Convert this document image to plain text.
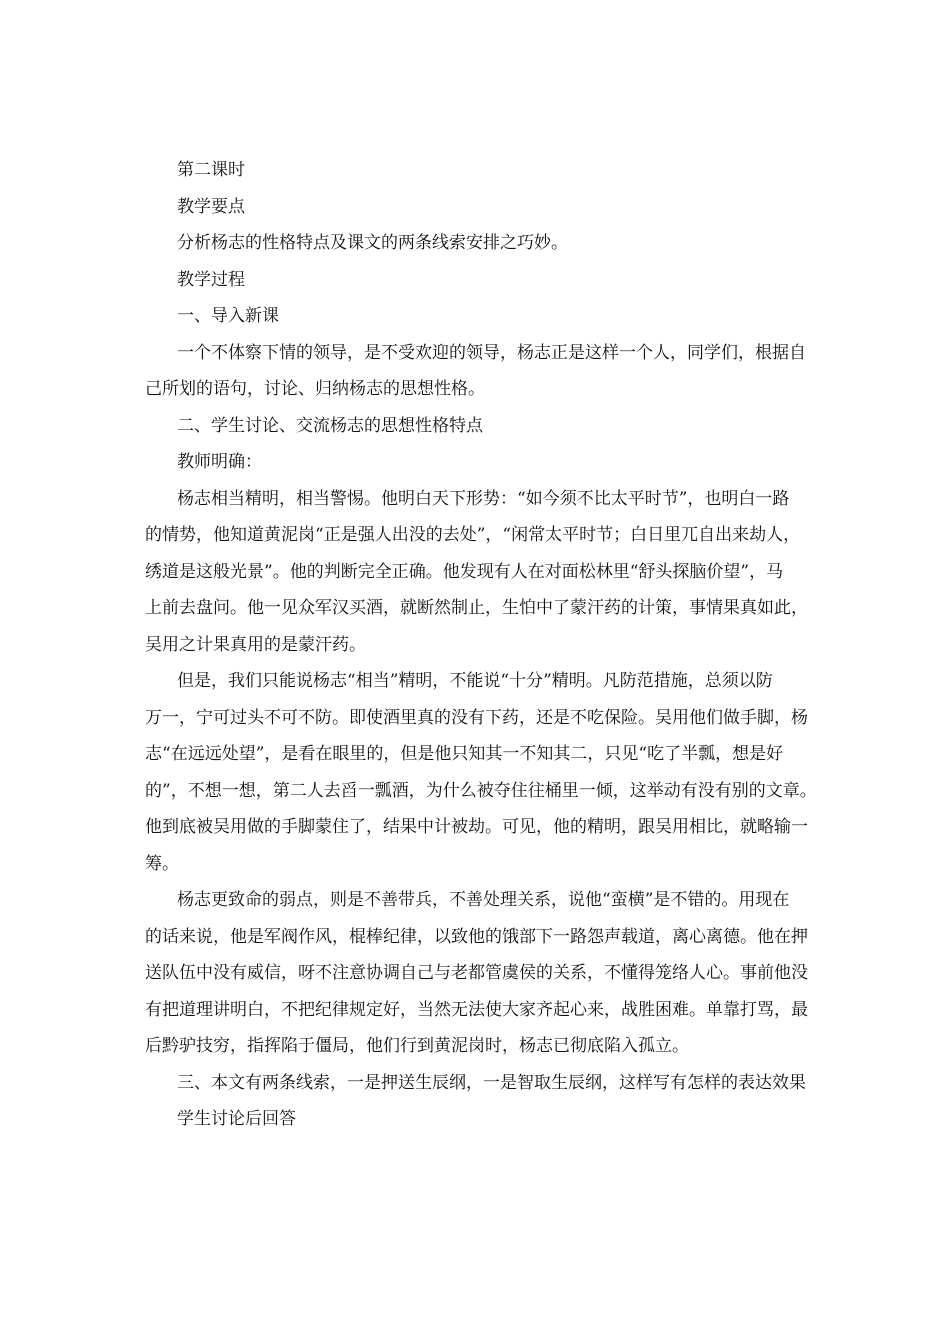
第二课时

教学要点

分析杨志的性格特点及课文的两条线索安排之巧妙。

教学过程

一、导入新课

一个不体察下情的领导，是不受欢迎的领导，杨志正是这样一个人，同学们，根据自

己所划的语句，讨论、归纳杨志的思想性格。

二、学生讨论、交流杨志的思想性格特点

教师明确：

杨志相当精明，相当警惕。他明白天下形势：“如今须不比太平时节”，也明白一路

的情势，他知道黄泥岗“正是强人出没的去处”，“闲常太平时节；白日里兀自出来劫人，

绣道是这般光景”。他的判断完全正确。他发现有人在对面松林里“舒头探脑价望”，马

上前去盘问。他一见众军汉买酒，就断然制止，生怕中了蒙汗药的计策，事情果真如此，

吴用之计果真用的是蒙汗药。

但是，我们只能说杨志“相当”精明，不能说“十分”精明。凡防范措施，总须以防

万一，宁可过头不可不防。即使酒里真的没有下药，还是不吃保险。吴用他们做手脚，杨

志“在远远处望”，是看在眼里的，但是他只知其一不知其二，只见“吃了半瓢，想是好

的”，不想一想，第二人去舀一瓢酒，为什么被夺住往桶里一倾，这举动有没有别的文章。

他到底被吴用做的手脚蒙住了，结果中计被劫。可见，他的精明，跟吴用相比，就略输一

筹。

杨志更致命的弱点，则是不善带兵，不善处理关系，说他“蛮横”是不错的。用现在

的话来说，他是军阀作风，棍棒纪律，以致他的饿部下一路怨声载道，离心离德。他在押

送队伍中没有威信，呀不注意协调自己与老都管虞侯的关系，不懂得笼络人心。事前他没

有把道理讲明白，不把纪律规定好，当然无法使大家齐起心来，战胜困难。单靠打骂，最

后黔驴技穷，指挥陷于僵局，他们行到黄泥岗时，杨志已彻底陷入孤立。

三、本文有两条线索，一是押送生辰纲，一是智取生辰纲，这样写有怎样的表达效果

学生讨论后回答
